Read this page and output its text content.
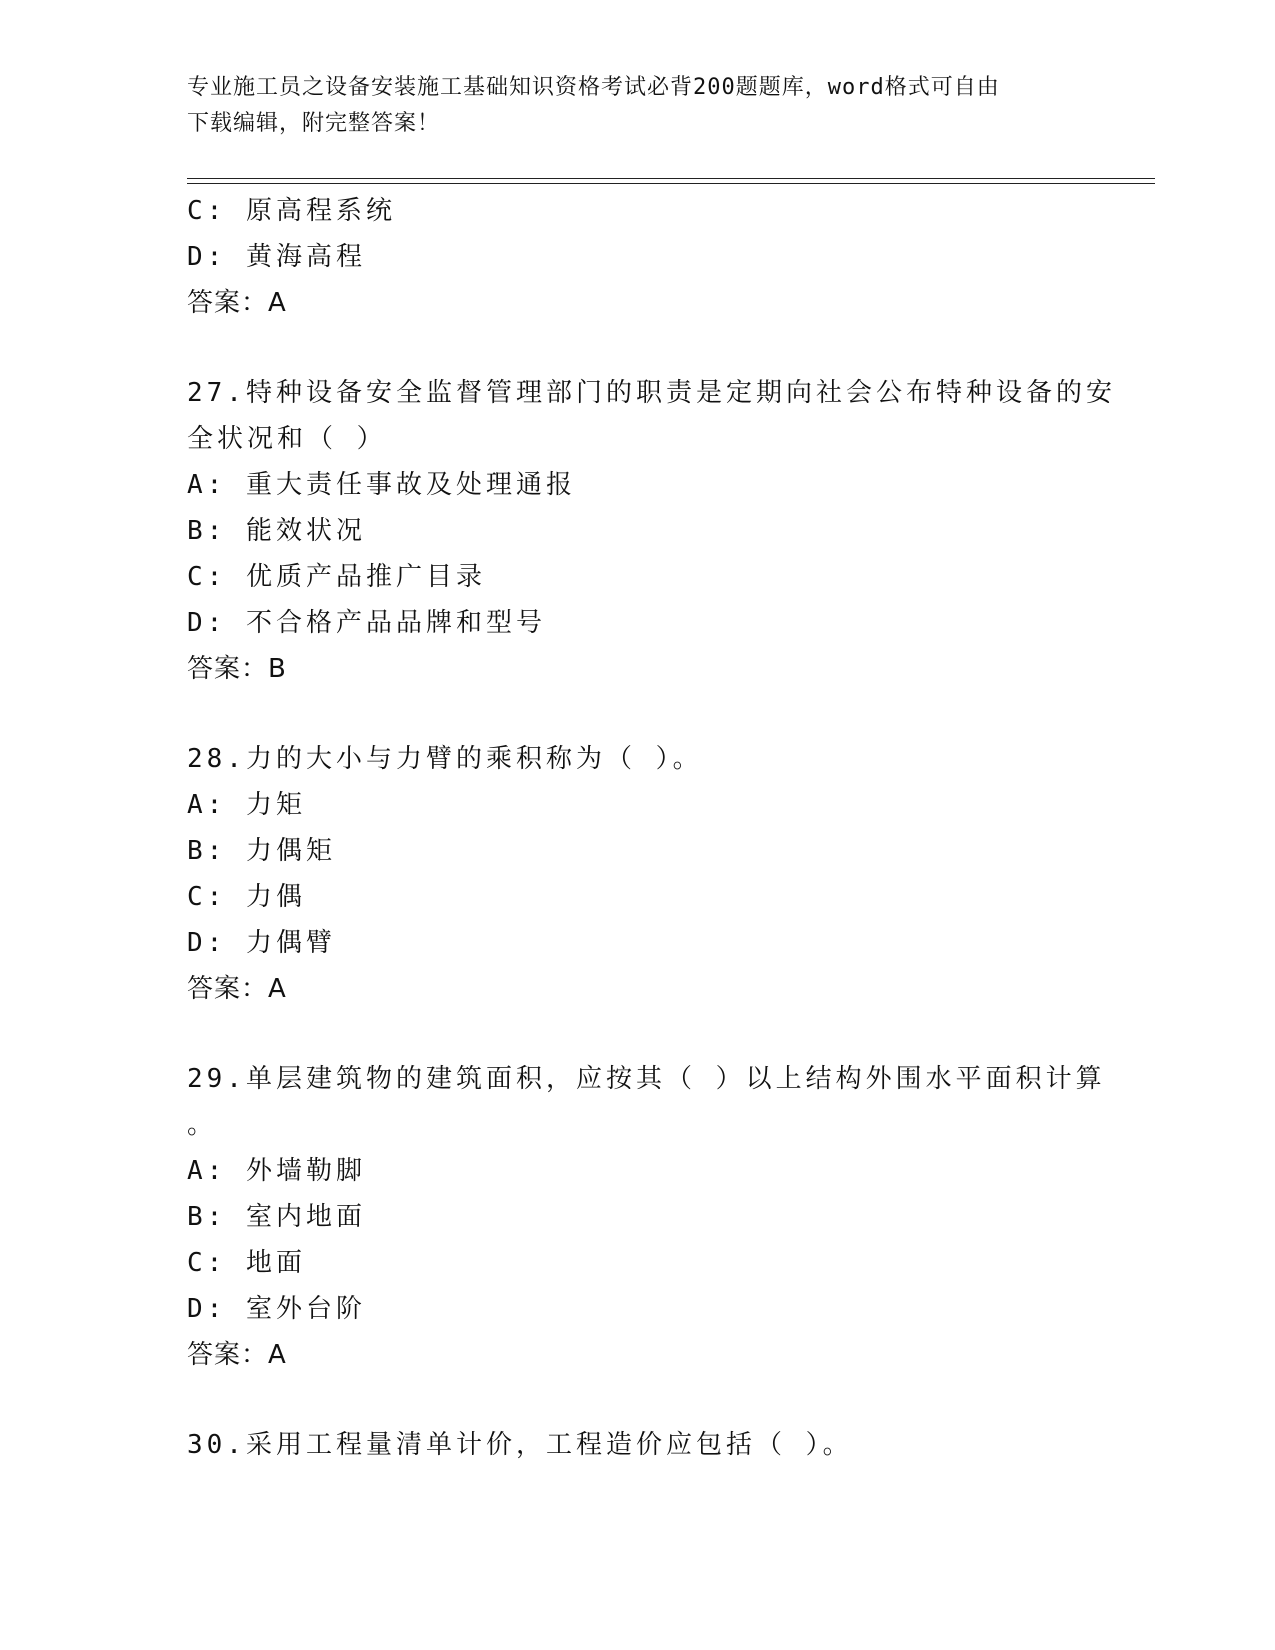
专业施工员之设备安装施工基础知识资格考试必背200题题库，word格式可自由
下载编辑，附完整答案！
C: 原高程系统
D: 黄海高程
答案：A
27.特种设备安全监督管理部门的职责是定期向社会公布特种设备的安
全状况和（ ）
A: 重大责任事故及处理通报
B: 能效状况
C: 优质产品推广目录
D: 不合格产品品牌和型号
答案：B
28.力的大小与力臂的乘积称为（ ）。
A: 力矩
B: 力偶矩
C: 力偶
D: 力偶臂
答案：A
29.单层建筑物的建筑面积，应按其（ ）以上结构外围水平面积计算
。
A: 外墙勒脚
B: 室内地面
C: 地面
D: 室外台阶
答案：A
30.采用工程量清单计价，工程造价应包括（ ）。
